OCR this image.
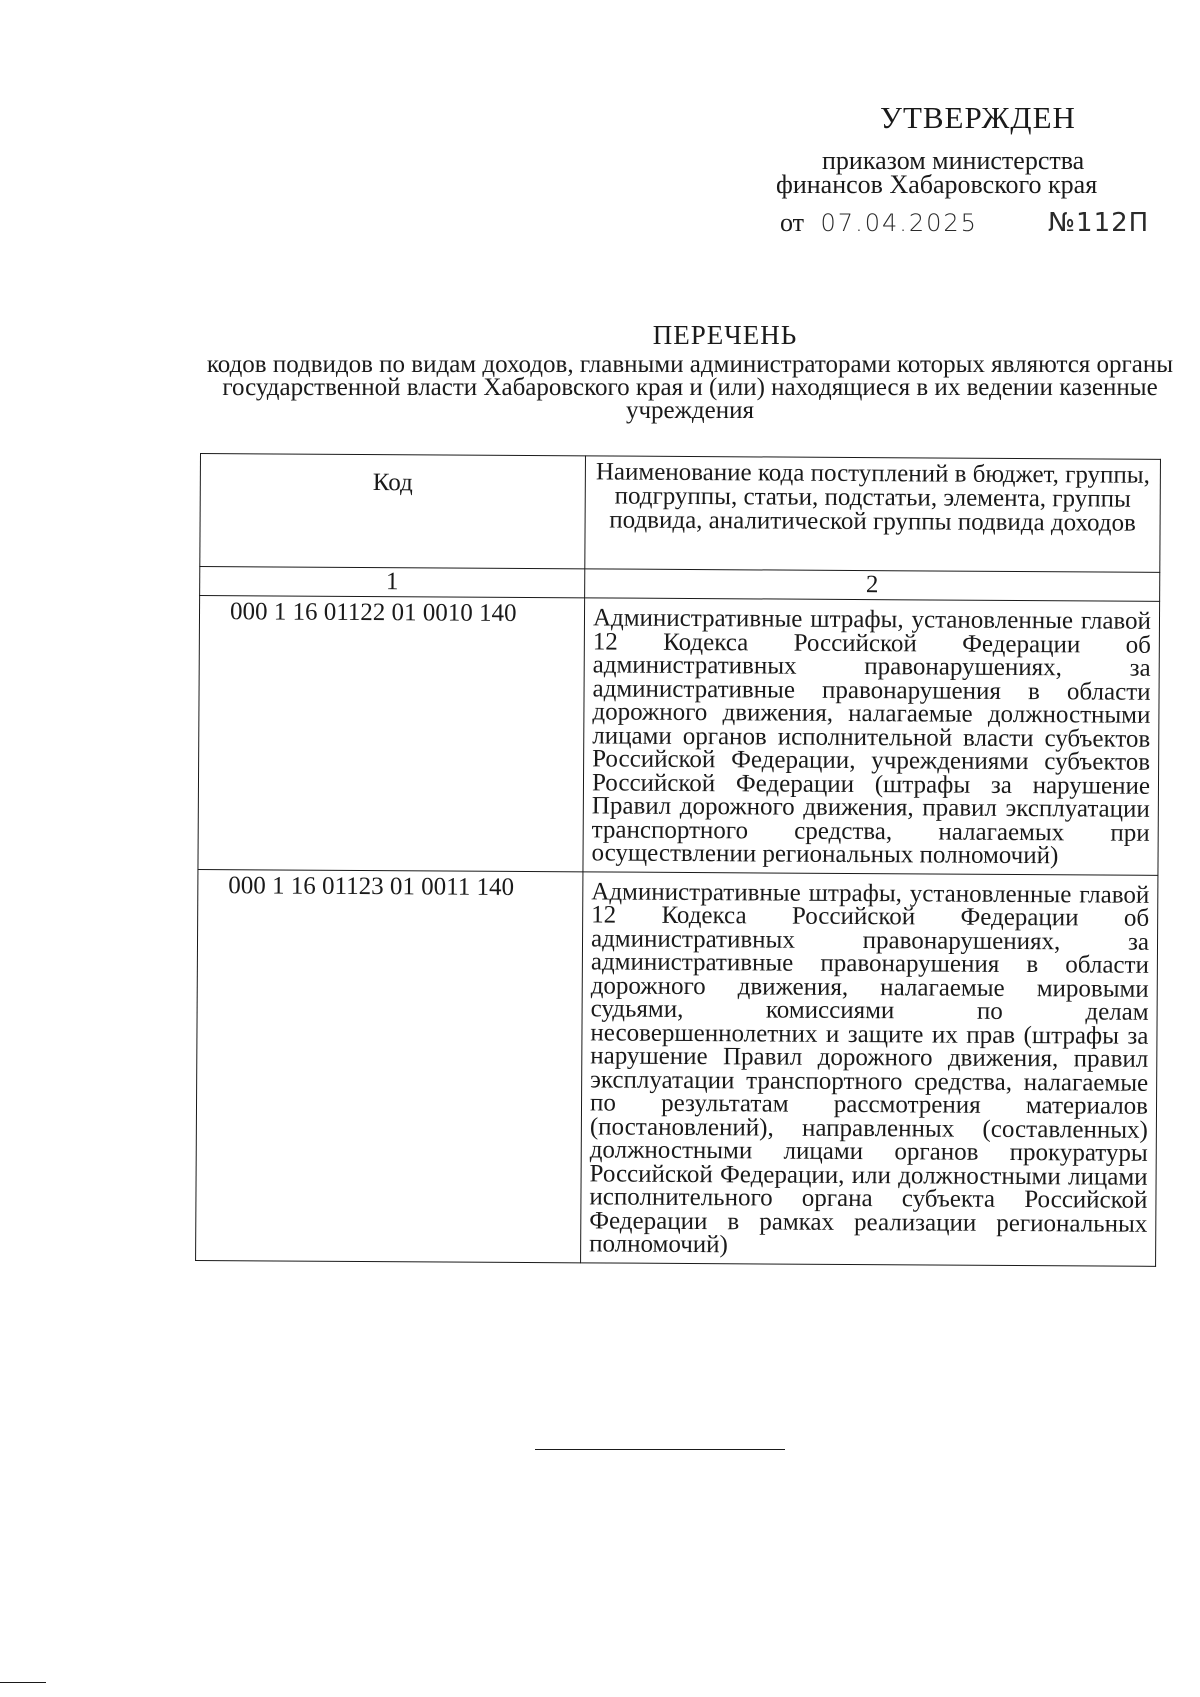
УТВЕРЖДЕН
приказом министерства
финансов Хабаровского края
от 07.04.2025	№112П
ПЕРЕЧЕНЬ
кодов подвидов по видам доходов, главными администраторами которых являются органы государственной власти Хабаровского края и (или) находящиеся в их ведении казенные учреждения
Код	Наименование кода поступлений в бюджет, группы, подгруппы, статьи, подстатьи, элемента, группы подвида, аналитической группы подвида доходов
1	2
000 1 16 01122 01 0010 140	Административные штрафы, установленные главой 12 Кодекса Российской Федерации об административных правонарушениях, за административные правонарушения в области дорожного движения, налагаемые должностными лицами органов исполнительной власти субъектов Российской Федерации, учреждениями субъектов Российской Федерации (штрафы за нарушение Правил дорожного движения, правил эксплуатации транспортного средства, налагаемых при осуществлении региональных полномочий)
000 1 16 01123 01 0011 140	Административные штрафы, установленные главой 12 Кодекса Российской Федерации об административных правонарушениях, за административные правонарушения в области дорожного движения, налагаемые мировыми судьями, комиссиями по делам несовершеннолетних и защите их прав (штрафы за нарушение Правил дорожного движения, правил эксплуатации транспортного средства, налагаемые по результатам рассмотрения материалов (постановлений), направленных (составленных) должностными лицами органов прокуратуры Российской Федерации, или должностными лицами исполнительного органа субъекта Российской Федерации в рамках реализации региональных полномочий)
